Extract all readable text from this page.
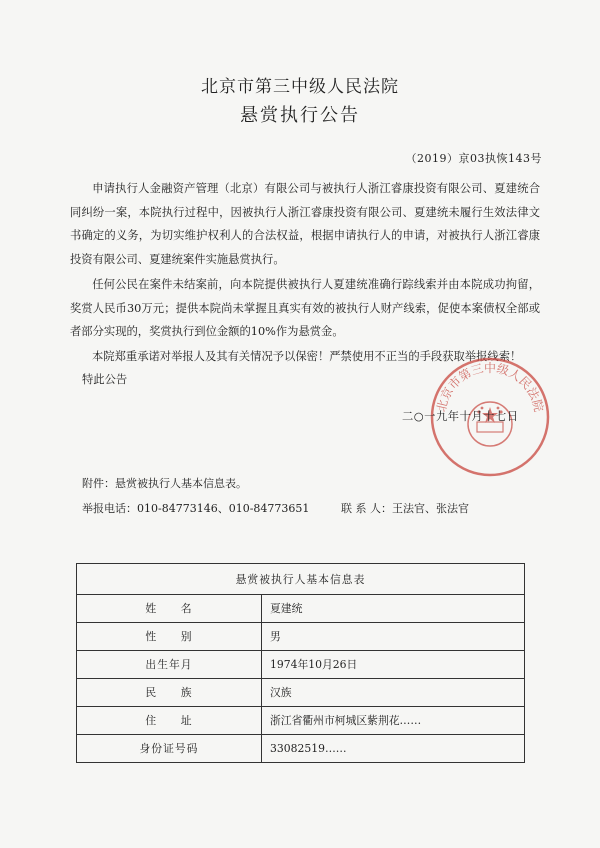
北京市第三中级人民法院
悬赏执行公告
（2019）京03执恢143号
申请执行人金融资产管理（北京）有限公司与被执行人浙江睿康投资有限公司、夏建统合同纠纷一案，本院执行过程中，因被执行人浙江睿康投资有限公司、夏建统未履行生效法律文书确定的义务，为切实维护权利人的合法权益，根据申请执行人的申请，对被执行人浙江睿康投资有限公司、夏建统案件实施悬赏执行。
任何公民在案件未结案前，向本院提供被执行人夏建统准确行踪线索并由本院成功拘留，奖赏人民币30万元；提供本院尚未掌握且真实有效的被执行人财产线索，促使本案债权全部或者部分实现的，奖赏执行到位金额的10%作为悬赏金。
本院郑重承诺对举报人及其有关情况予以保密！严禁使用不正当的手段获取举报线索！
特此公告
北京市第三中级人民法院
二○一九年十月十七日
附件：悬赏被执行人基本信息表。
举报电话：010-84773146、010-84773651	联 系 人：王法官、张法官
悬赏被执行人基本信息表	
姓　　名	夏建统
性　　别	男
出生年月	1974年10月26日
民　　族	汉族
住　　址	浙江省衢州市柯城区紫荆花……
身份证号码	33082519……
